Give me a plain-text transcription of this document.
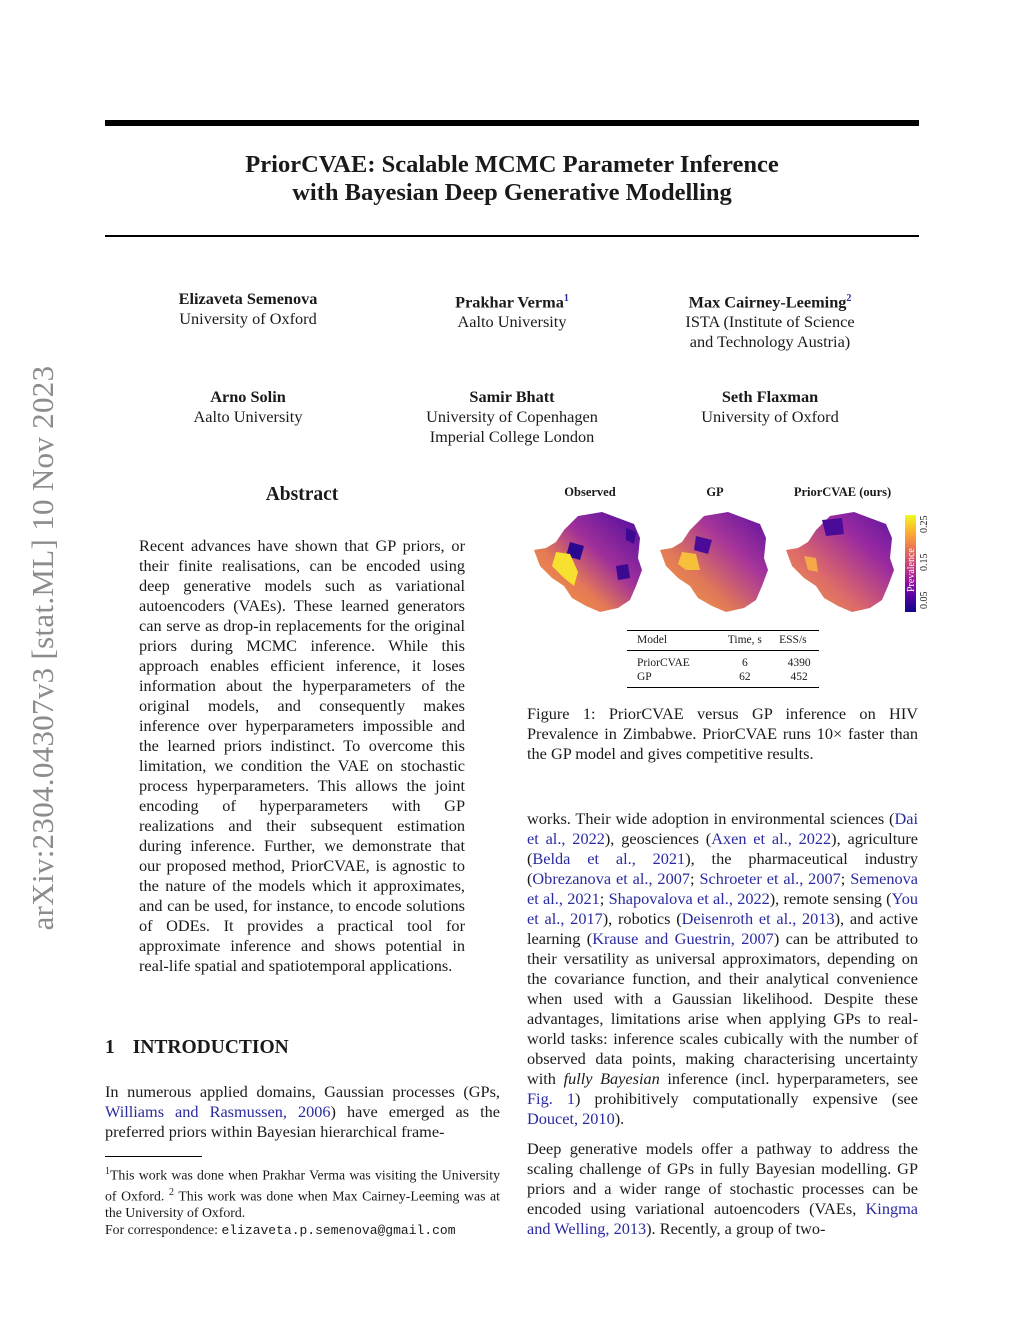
arXiv:2304.04307v3 [stat.ML] 10 Nov 2023
PriorCVAE: Scalable MCMC Parameter Inference
with Bayesian Deep Generative Modelling
Elizaveta Semenova
University of Oxford
Prakhar Verma$^1$
Aalto University
Max Cairney-Leeming$^2$
ISTA (Institute of Science
and Technology Austria)
Arno Solin
Aalto University
Samir Bhatt
University of Copenhagen
Imperial College London
Seth Flaxman
University of Oxford
Abstract

Recent advances have shown that GP priors, or their finite realisations, can be encoded using deep generative models such as variational autoencoders (VAEs). These learned generators can serve as drop-in replacements for the original priors during MCMC inference. While this approach enables efficient inference, it loses information about the hyperparameters of the original models, and consequently makes inference over hyperparameters impossible and the learned priors indistinct. To overcome this limitation, we condition the VAE on stochastic process hyperparameters. This allows the joint encoding of hyperparameters with GP realizations and their subsequent estimation during inference. Further, we demonstrate that our proposed method, PriorCVAE, is agnostic to the nature of the models which it approximates, and can be used, for instance, to encode solutions of ODEs. It provides a practical tool for approximate inference and shows potential in real-life spatial and spatiotemporal applications.

1 INTRODUCTION

In numerous applied domains, Gaussian processes (GPs, Williams and Rasmussen, 2006) have emerged as the preferred priors within Bayesian hierarchical frame-

$^1$This work was done when Prakhar Verma was visiting the University of Oxford. $^2$ This work was done when Max Cairney-Leeming was at the University of Oxford.
For correspondence: elizaveta.p.semenova@gmail.com
Observed	GP	PriorCVAE (ours)
Prevalence
0.05
0.15
0.25
Model	Time, s	ESS/s
PriorCVAE	6	4390
GP	62	452

Figure 1: PriorCVAE versus GP inference on HIV Prevalence in Zimbabwe. PriorCVAE runs 10× faster than the GP model and gives competitive results.

works. Their wide adoption in environmental sciences (Dai et al., 2022), geosciences (Axen et al., 2022), agriculture (Belda et al., 2021), the pharmaceutical industry (Obrezanova et al., 2007; Schroeter et al., 2007; Semenova et al., 2021; Shapovalova et al., 2022), remote sensing (You et al., 2017), robotics (Deisenroth et al., 2013), and active learning (Krause and Guestrin, 2007) can be attributed to their versatility as universal approximators, depending on the covariance function, and their analytical convenience when used with a Gaussian likelihood. Despite these advantages, limitations arise when applying GPs to real-world tasks: inference scales cubically with the number of observed data points, making characterising uncertainty with fully Bayesian inference (incl. hyperparameters, see Fig. 1) prohibitively computationally expensive (see Doucet, 2010).

Deep generative models offer a pathway to address the scaling challenge of GPs in fully Bayesian modelling. GP priors and a wider range of stochastic processes can be encoded using variational autoencoders (VAEs, Kingma and Welling, 2013). Recently, a group of two-
